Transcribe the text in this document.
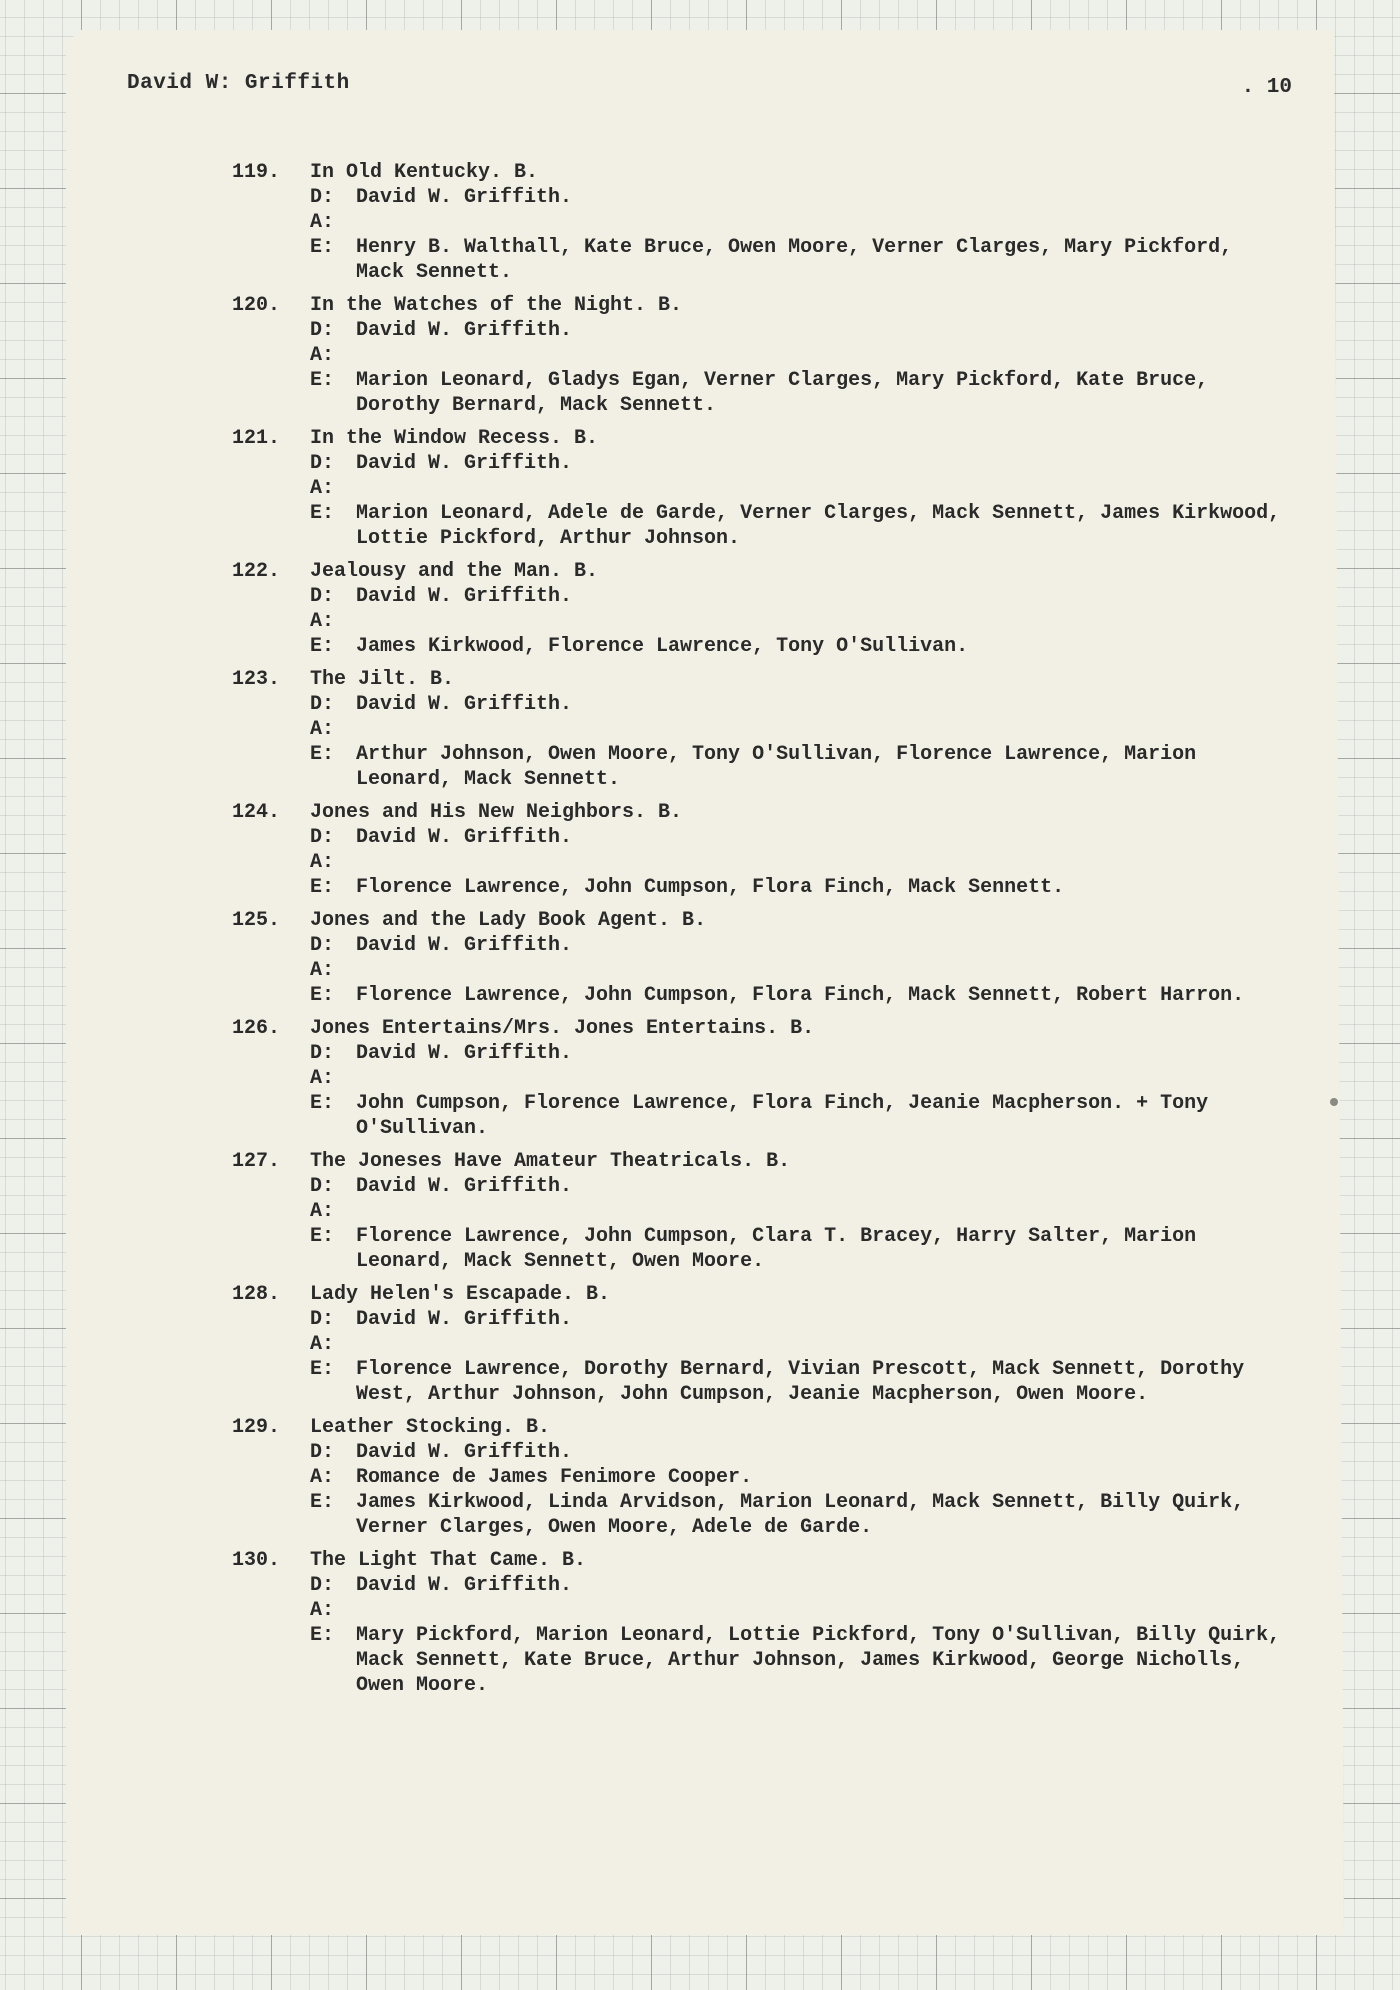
David W: Griffith	. 10
119. In Old Kentucky. B.
D: David W. Griffith.
A:
E: Henry B. Walthall, Kate Bruce, Owen Moore, Verner Clarges, Mary Pickford, Mack Sennett.
120. In the Watches of the Night. B.
D: David W. Griffith.
A:
E: Marion Leonard, Gladys Egan, Verner Clarges, Mary Pickford, Kate Bruce, Dorothy Bernard, Mack Sennett.
121. In the Window Recess. B.
D: David W. Griffith.
A:
E: Marion Leonard, Adele de Garde, Verner Clarges, Mack Sennett, James Kirkwood, Lottie Pickford, Arthur Johnson.
122. Jealousy and the Man. B.
D: David W. Griffith.
A:
E: James Kirkwood, Florence Lawrence, Tony O'Sullivan.
123. The Jilt. B.
D: David W. Griffith.
A:
E: Arthur Johnson, Owen Moore, Tony O'Sullivan, Florence Lawrence, Marion Leonard, Mack Sennett.
124. Jones and His New Neighbors. B.
D: David W. Griffith.
A:
E: Florence Lawrence, John Cumpson, Flora Finch, Mack Sennett.
125. Jones and the Lady Book Agent. B.
D: David W. Griffith.
A:
E: Florence Lawrence, John Cumpson, Flora Finch, Mack Sennett, Robert Harron.
126. Jones Entertains/Mrs. Jones Entertains. B.
D: David W. Griffith.
A:
E: John Cumpson, Florence Lawrence, Flora Finch, Jeanie Macpherson. + Tony O'Sullivan.
127. The Joneses Have Amateur Theatricals. B.
D: David W. Griffith.
A:
E: Florence Lawrence, John Cumpson, Clara T. Bracey, Harry Salter, Marion Leonard, Mack Sennett, Owen Moore.
128. Lady Helen's Escapade. B.
D: David W. Griffith.
A:
E: Florence Lawrence, Dorothy Bernard, Vivian Prescott, Mack Sennett, Dorothy West, Arthur Johnson, John Cumpson, Jeanie Macpherson, Owen Moore.
129. Leather Stocking. B.
D: David W. Griffith.
A: Romance de James Fenimore Cooper.
E: James Kirkwood, Linda Arvidson, Marion Leonard, Mack Sennett, Billy Quirk, Verner Clarges, Owen Moore, Adele de Garde.
130. The Light That Came. B.
D: David W. Griffith.
A:
E: Mary Pickford, Marion Leonard, Lottie Pickford, Tony O'Sullivan, Billy Quirk, Mack Sennett, Kate Bruce, Arthur Johnson, James Kirkwood, George Nicholls, Owen Moore.
